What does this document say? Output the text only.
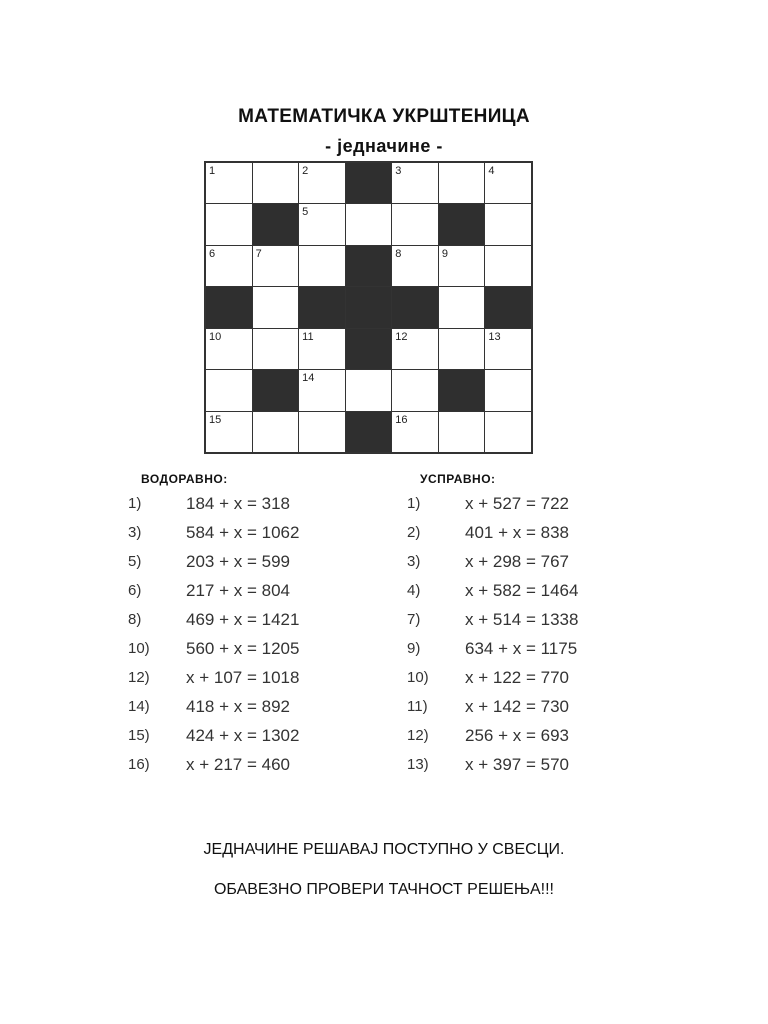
МАТЕМАТИЧКА УКРШТЕНИЦА
- једначине -
1	2	3	4
5
6	7	8	9
10	11	12	13
14
15	16
ВОДОРАВНО:	УСПРАВНО:
1)	184 + x = 318
3)	584 + x = 1062
5)	203 + x = 599
6)	217 + x = 804
8)	469 + x = 1421
10) 560 + x = 1205
12) x + 107 = 1018
14) 418 + x = 892
15) 424 + x = 1302
16) x + 217 = 460
1)	x + 527 = 722
2)	401 + x = 838
3)	x + 298 = 767
4)	x + 582 = 1464
7)	x + 514 = 1338
9)	634 + x = 1175
10) x + 122 = 770
11) x + 142 = 730
12) 256 + x = 693
13) x + 397 = 570
ЈЕДНАЧИНЕ РЕШАВАЈ ПОСТУПНО У СВЕСЦИ.
ОБАВЕЗНО ПРОВЕРИ ТАЧНОСТ РЕШЕЊА!!!
